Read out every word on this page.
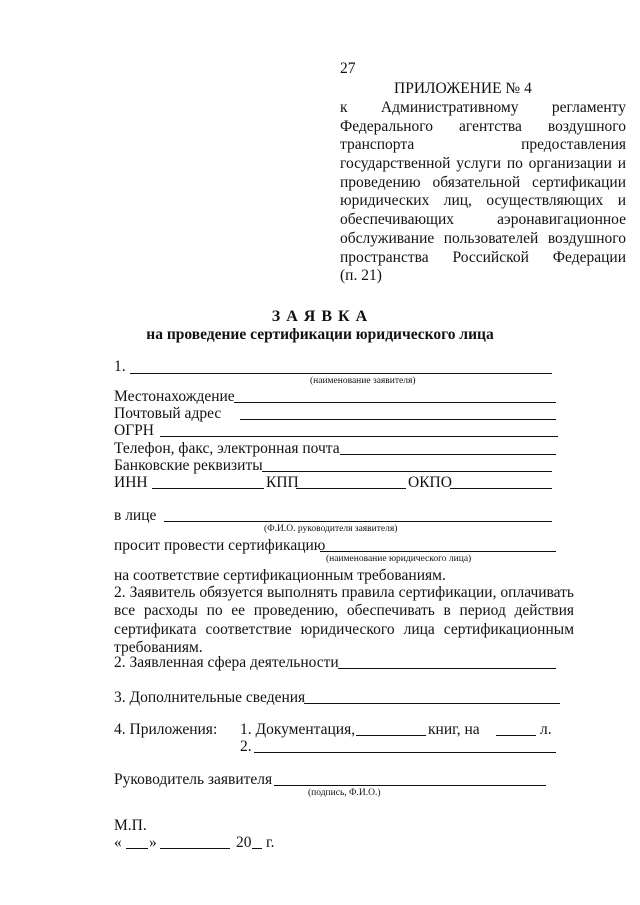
27
ПРИЛОЖЕНИЕ № 4
к Административному регламенту
Федерального агентства воздушного
транспорта предоставления
государственной услуги по организации и
проведению обязательной сертификации
юридических лиц, осуществляющих и
обеспечивающих аэронавигационное
обслуживание пользователей воздушного
пространства Российской Федерации
(п. 21)
З А Я В К А
на проведение сертификации юридического лица
1.
(наименование заявителя)
Местонахождение
Почтовый адрес
ОГРН
Телефон, факс, электронная почта
Банковские реквизиты
ИНН	КПП	ОКПО
в лице
(Ф.И.О. руководителя заявителя)
просит провести сертификацию
(наименование юридического лица)
на соответствие сертификационным требованиям.
2. Заявитель обязуется выполнять правила сертификации, оплачивать
все расходы по ее проведению, обеспечивать в период действия
сертификата соответствие юридического лица сертификационным
требованиям.
2. Заявленная сфера деятельности
3. Дополнительные сведения
4. Приложения: 1. Документация,	книг, на	л.
2.
Руководитель заявителя
(подпись, Ф.И.О.)
М.П.
« »	20 г.
